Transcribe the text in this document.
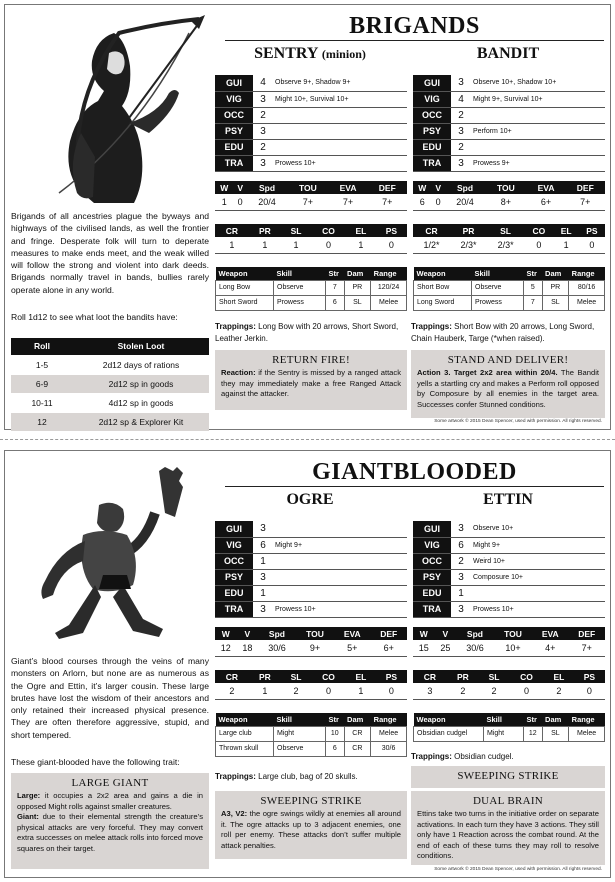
Brigands of all ancestries plague the byways and highways of the civilised lands, as well the frontier and fringe. Desperate folk will turn to deperate measures to make ends meet, and the weak willed will follow the strong and violent into dark deeds. Brigands normally travel in bands, bullies rarely operate alone in any world.
Roll 1d12 to see what loot the bandits have:
Roll	Stolen Loot
1-5	2d12 days of rations
6-9	2d12 sp in goods
10-11	4d12 sp in goods
12	2d12 sp & Explorer Kit
BRIGANDS
SENTRY (minion)	BANDIT
GUI	4	Observe 9+, Shadow 9+
VIG	3	Might 10+, Survival 10+
OCC	2	
PSY	3	
EDU	2	
TRA	3	Prowess 10+
GUI	3	Observe 10+, Shadow 10+
VIG	4	Might 9+, Survival 10+
OCC	2	
PSY	3	Perform 10+
EDU	2	
TRA	3	Prowess 9+
W	V	Spd	TOU	EVA	DEF
1	0	20/4	7+	7+	7+
W	V	Spd	TOU	EVA	DEF
6	0	20/4	8+	6+	7+
CR	PR	SL	CO	EL	PS
1	1	1	0	1	0
CR	PR	SL	CO	EL	PS
1/2*	2/3*	2/3*	0	1	0
Weapon	Skill	Str	Dam	Range
Long Bow	Observe	7	PR	120/24
Short Sword	Prowess	6	SL	Melee
Weapon	Skill	Str	Dam	Range
Short Bow	Observe	5	PR	80/16
Long Sword	Prowess	7	SL	Melee
Trappings: Long Bow with 20 arrows, Short Sword, Leather Jerkin.
Trappings: Short Bow with 20 arrows, Long Sword, Chain Hauberk, Targe (*when raised).
RETURN FIRE!

Reaction: if the Sentry is missed by a ranged attack they may immediately make a free Ranged Attack against the attacker.

STAND AND DELIVER!

Action 3. Target 2x2 area within 20/4. The Bandit yells a startling cry and makes a Perform roll opposed by Composure by all enemies in the target area. Successes confer Stunned conditions.

Some artwork © 2015 Dean Spencer, used with permission. All rights reserved.
Giant’s blood courses through the veins of many monsters on Arlorn, but none are as numerous as the Ogre and Ettin, it’s larger cousin. These large brutes have lost the wisdom of their ancestors and only retained their increased physical presence. They are often therefore aggressive, stupid, and short tempered.
These giant-blooded have the following trait:
LARGE GIANT

Large: it occupies a 2x2 area and gains a die in opposed Might rolls against smaller creatures.
Giant: due to their elemental strength the creature’s physical attacks are very forceful. They may convert extra successes on melee attack rolls into forced move squares on their target.

GIANTBLOODED
OGRE	ETTIN
GUI	3	
VIG	6	Might 9+
OCC	1	
PSY	3	
EDU	1	
TRA	3	Prowess 10+
GUI	3	Observe 10+
VIG	6	Might 9+
OCC	2	Weird 10+
PSY	3	Composure 10+
EDU	1	
TRA	3	Prowess 10+
W	V	Spd	TOU	EVA	DEF
12	18	30/6	9+	5+	6+
W	V	Spd	TOU	EVA	DEF
15	25	30/6	10+	4+	7+
CR	PR	SL	CO	EL	PS
2	1	2	0	1	0
CR	PR	SL	CO	EL	PS
3	2	2	0	2	0
Weapon	Skill	Str	Dam	Range
Large club	Might	10	CR	Melee
Thrown skull	Observe	6	CR	30/6
Weapon	Skill	Str	Dam	Range
Obsidian cudgel	Might	12	SL	Melee
Trappings: Large club, bag of 20 skulls.
Trappings: Obsidian cudgel.
SWEEPING STRIKE

A3, V2: the ogre swings wildly at enemies all around it. The ogre attacks up to 3 adjacent enemies, one roll per enemy. These attacks don’t suffer multiple attack penalties.

SWEEPING STRIKE
DUAL BRAIN

Ettins take two turns in the initiative order on separate activations. In each turn they have 3 actions. They still only have 1 Reaction across the combat round. At the end of each of these turns they may roll to resolve conditions.

Some artwork © 2015 Dean Spencer, used with permission. All rights reserved.
